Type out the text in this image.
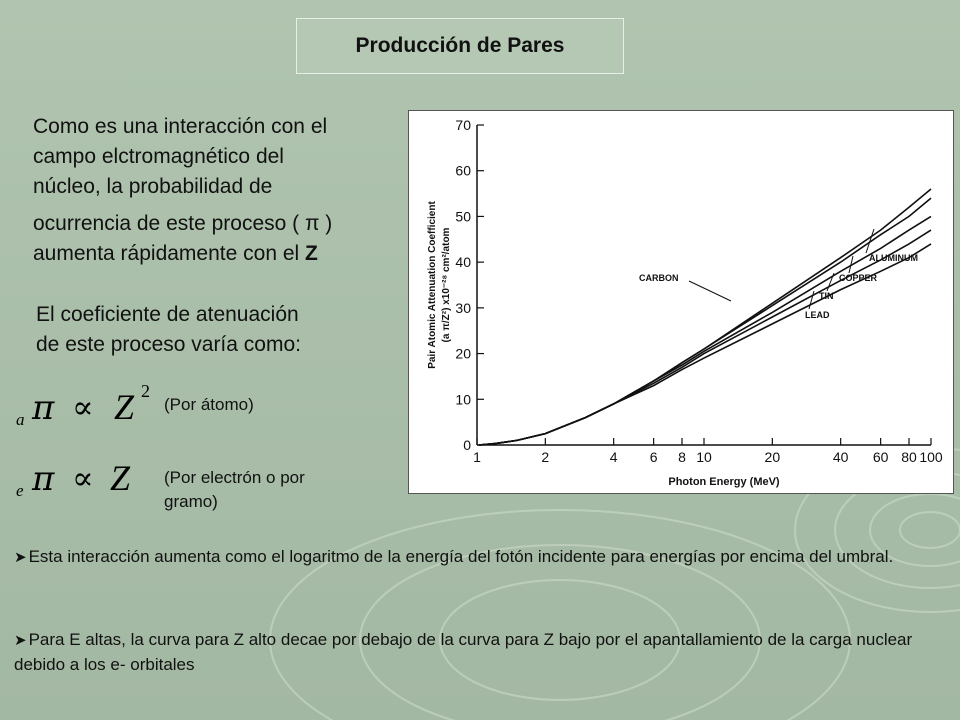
Producción de Pares
Como es una interacción con el
campo elctromagnético del
núcleo, la probabilidad de
ocurrencia de este proceso ( π )
aumenta rápidamente con el Z
El coeficiente de atenuación
de este proceso varía como:
a π ∝ Z 2
(Por átomo)
e π ∝ Z (Por electrón o por
gramo)
0
10
20
30
40
50
60
70
1	2	4 6 8 10	20	40 60 80 100
CARBON
ALUMINUM
COPPER
TIN
LEAD
Pair Atomic Attenuation Coefficient (a π/Z²) x10⁻²⁸ cm²/atom
Photon Energy (MeV)
➤ Esta interacción aumenta como el logaritmo de la energía del fotón incidente para energías por encima del umbral.
➤ Para E altas, la curva para Z alto decae por debajo de la curva para Z bajo por el apantallamiento de la carga nuclear debido a los e- orbitales
